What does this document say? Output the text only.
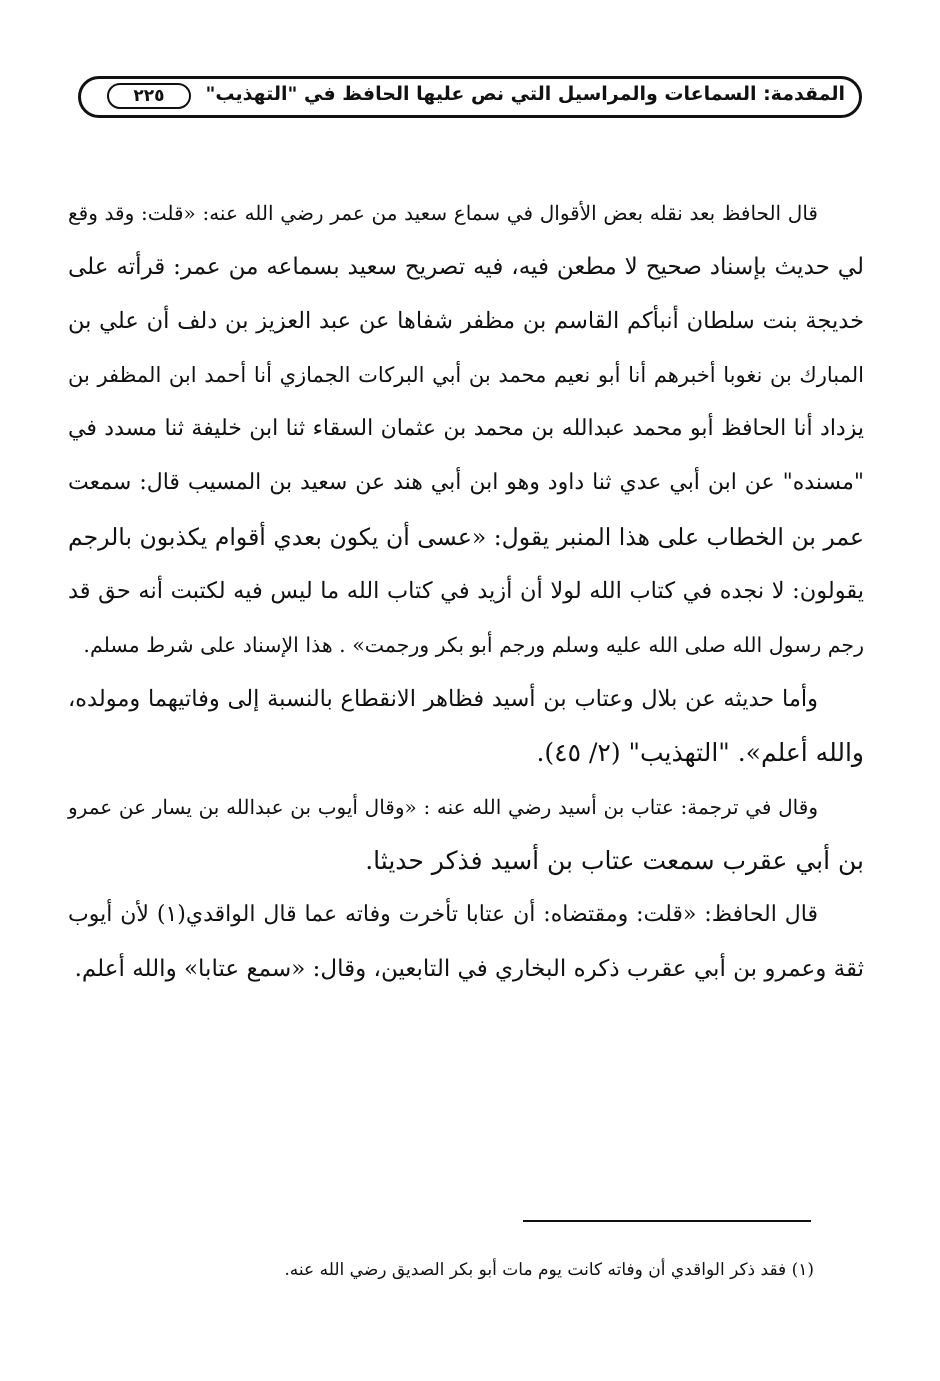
المقدمة: السماعات والمراسيل التي نص عليها الحافظ في "التهذيب"
٢٢٥
قال الحافظ بعد نقله بعض الأقوال في سماع سعيد من عمر رضي الله عنه: «قلت: وقد وقع
لي حديث بإسناد صحيح لا مطعن فيه، فيه تصريح سعيد بسماعه من عمر: قرأته على
خديجة بنت سلطان أنبأكم القاسم بن مظفر شفاها عن عبد العزيز بن دلف أن علي بن
المبارك بن نغوبا أخبرهم أنا أبو نعيم محمد بن أبي البركات الجمازي أنا أحمد ابن المظفر بن
يزداد أنا الحافظ أبو محمد عبدالله بن محمد بن عثمان السقاء ثنا ابن خليفة ثنا مسدد في
"مسنده" عن ابن أبي عدي ثنا داود وهو ابن أبي هند عن سعيد بن المسيب قال: سمعت
عمر بن الخطاب على هذا المنبر يقول: «عسى أن يكون بعدي أقوام يكذبون بالرجم
يقولون: لا نجده في كتاب الله لولا أن أزيد في كتاب الله ما ليس فيه لكتبت أنه حق قد
رجم رسول الله صلى الله عليه وسلم ورجم أبو بكر ورجمت» . هذا الإسناد على شرط مسلم.
وأما حديثه عن بلال وعتاب بن أسيد فظاهر الانقطاع بالنسبة إلى وفاتيهما ومولده،
والله أعلم». "التهذيب" (٢/ ٤٥).
وقال في ترجمة: عتاب بن أسيد رضي الله عنه : «وقال أيوب بن عبدالله بن يسار عن عمرو
بن أبي عقرب سمعت عتاب بن أسيد فذكر حديثا.
قال الحافظ: «قلت: ومقتضاه: أن عتابا تأخرت وفاته عما قال الواقدي(١) لأن أيوب
ثقة وعمرو بن أبي عقرب ذكره البخاري في التابعين، وقال: «سمع عتابا» والله أعلم.
(١) فقد ذكر الواقدي أن وفاته كانت يوم مات أبو بكر الصديق رضي الله عنه.
